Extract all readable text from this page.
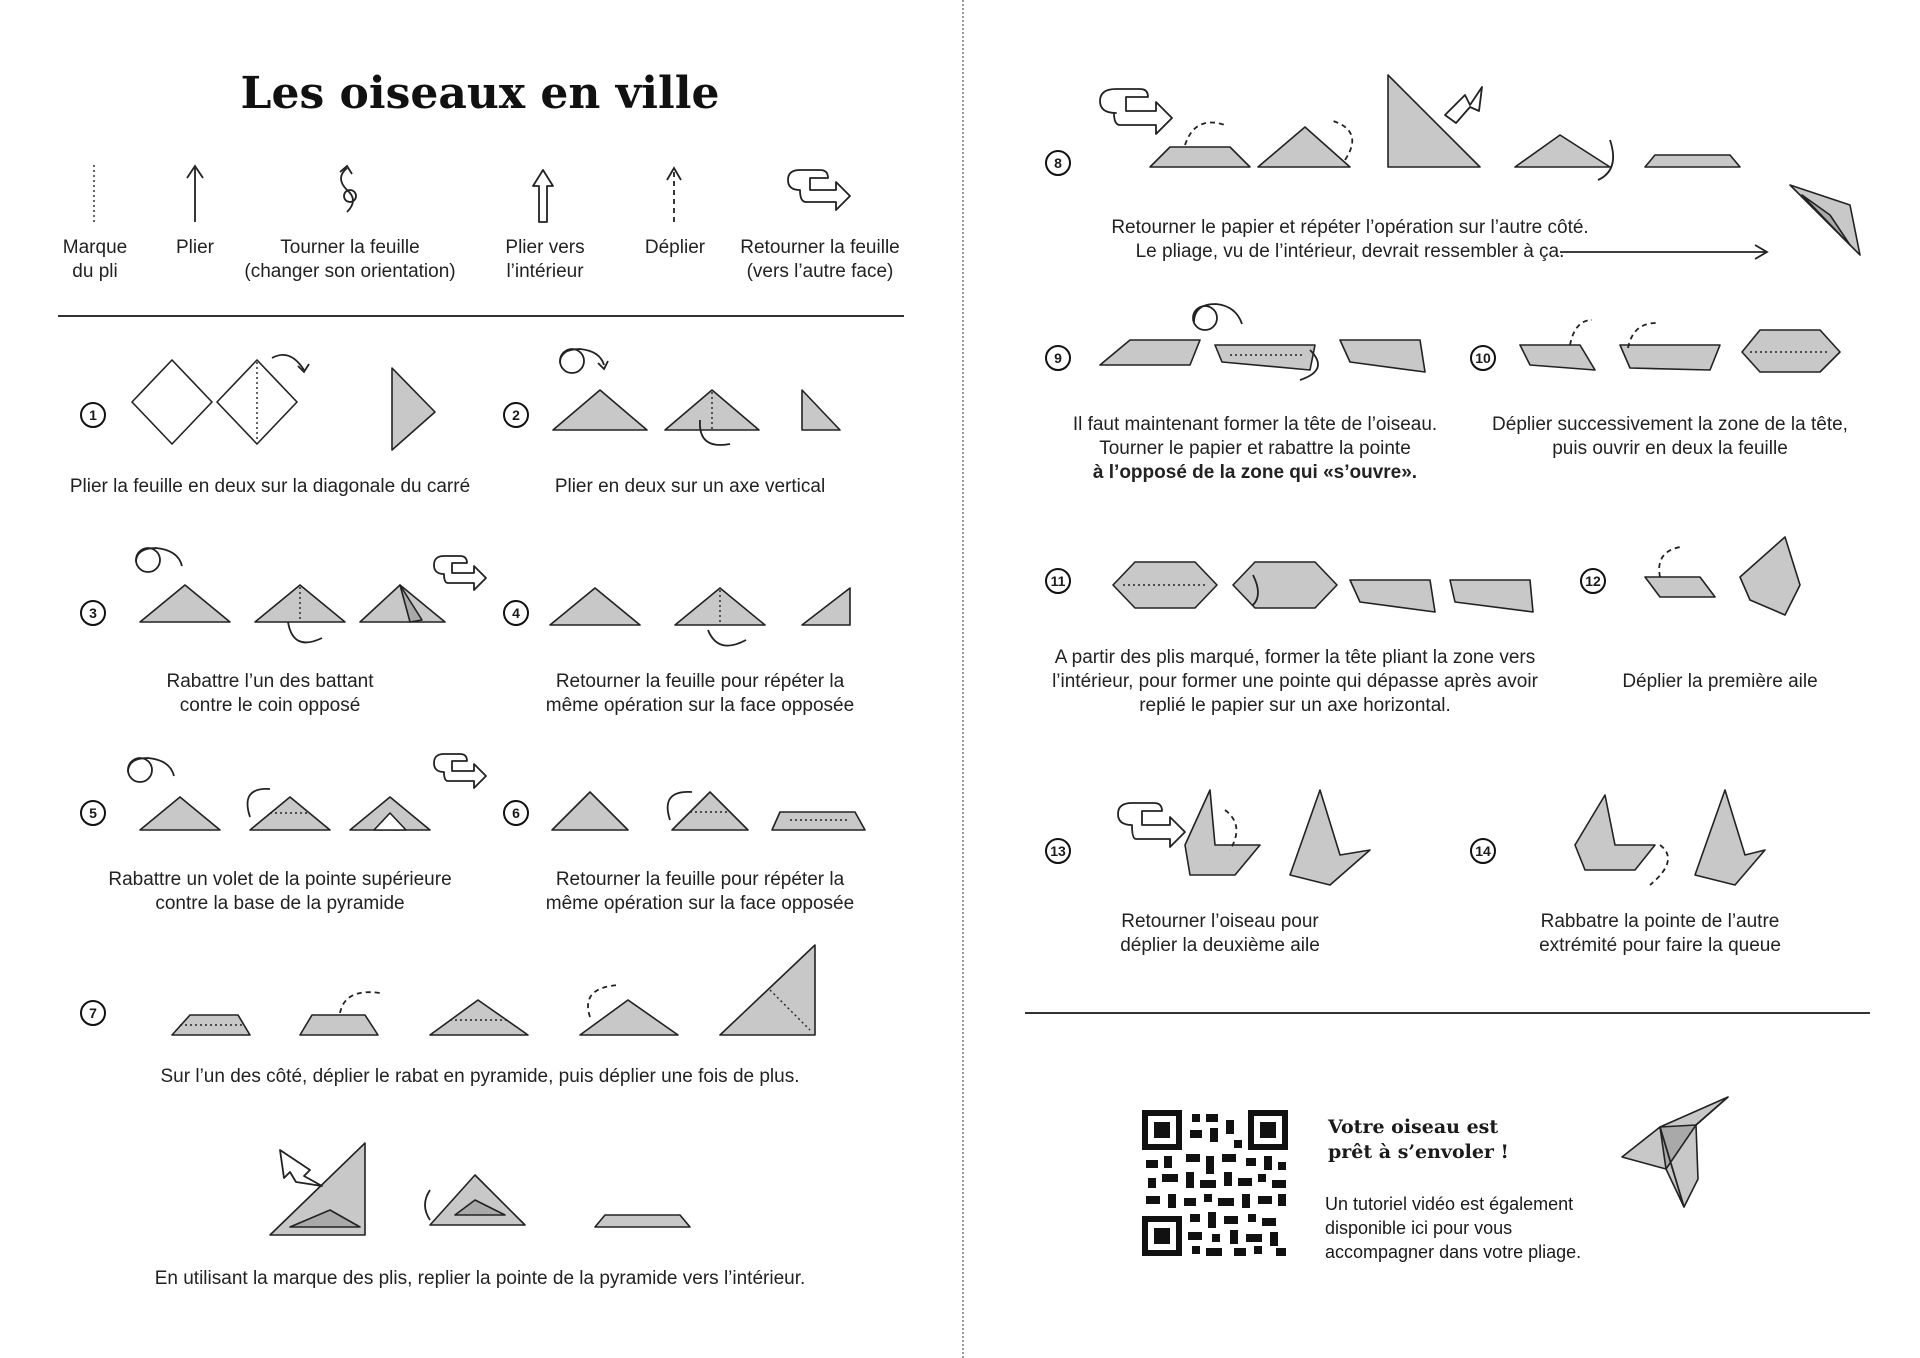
Les oiseaux en ville
Marque
du pli
Plier	Tourner la feuille
(changer son orientation)
Plier vers
l’intérieur
Déplier	Retourner la feuille
(vers l’autre face)
1
Plier la feuille en deux sur la diagonale du carré
2
Plier en deux sur un axe vertical
3
Rabattre l’un des battant
contre le coin opposé
4
Retourner la feuille pour répéter la
même opération sur la face opposée
5
Rabattre un volet de la pointe supérieure
contre la base de la pyramide
6
Retourner la feuille pour répéter la
même opération sur la face opposée
7
Sur l’un des côté, déplier le rabat en pyramide, puis déplier une fois de plus.
En utilisant la marque des plis, replier la pointe de la pyramide vers l’intérieur.
8
Retourner le papier et répéter l’opération sur l’autre côté.
Le pliage, vu de l’intérieur, devrait ressembler à ça.
9
Il faut maintenant former la tête de l’oiseau.
Tourner le papier et rabattre la pointe
à l’opposé de la zone qui «s’ouvre».
10
Déplier successivement la zone de la tête,
puis ouvrir en deux la feuille
11
A partir des plis marqué, former la tête pliant la zone vers
l’intérieur, pour former une pointe qui dépasse après avoir
replié le papier sur un axe horizontal.
12
Déplier la première aile
13
Retourner l’oiseau pour
déplier la deuxième aile
14
Rabbatre la pointe de l’autre
extrémité pour faire la queue
Votre oiseau est
prêt à s’envoler !
Un tutoriel vidéo est également
disponible ici pour vous
accompagner dans votre pliage.
